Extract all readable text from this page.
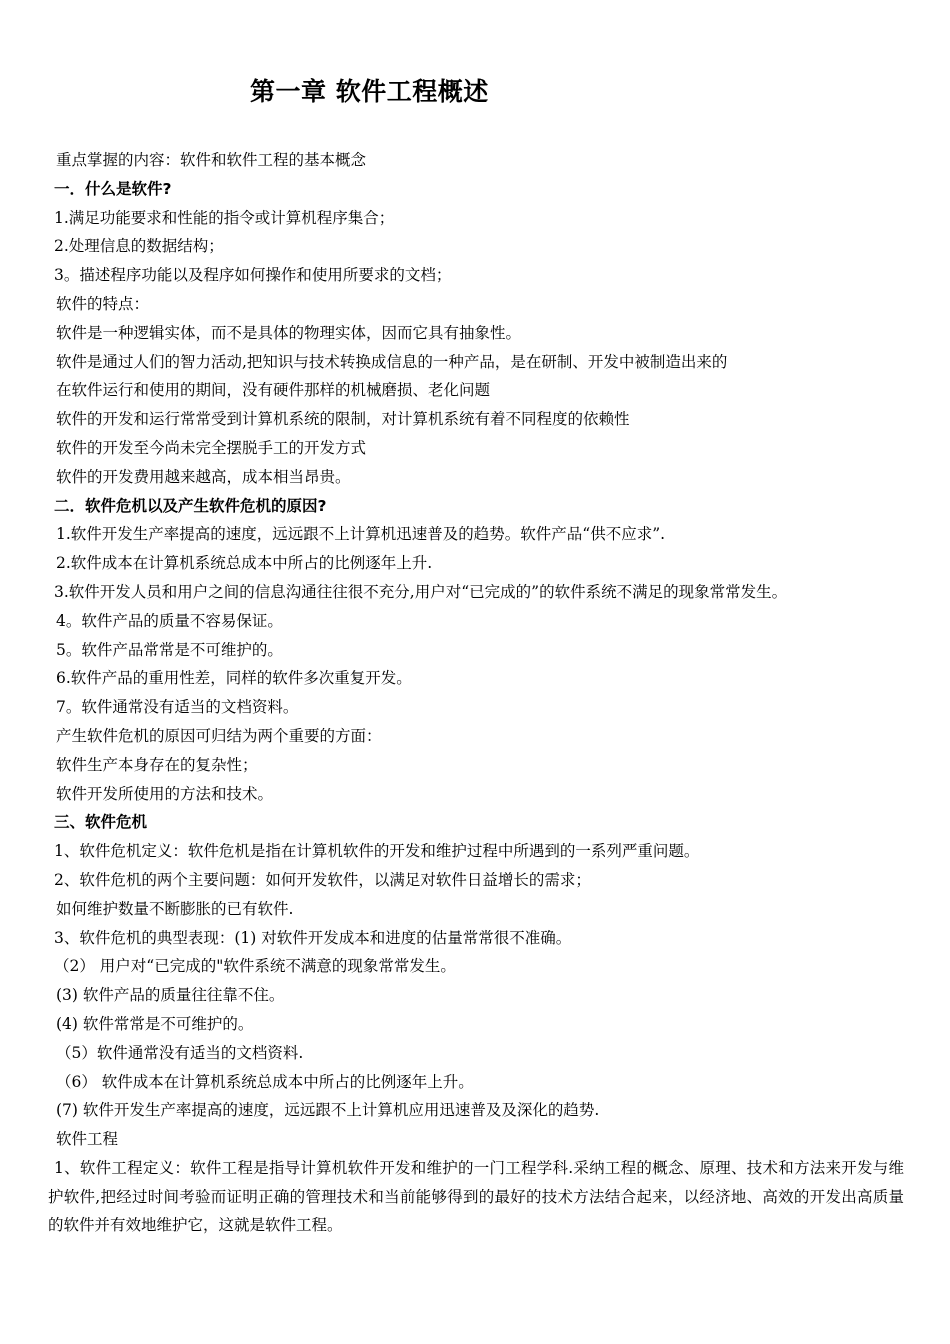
第一章 软件工程概述
重点掌握的内容：软件和软件工程的基本概念
一．什么是软件?
1.满足功能要求和性能的指令或计算机程序集合；
2.处理信息的数据结构；
3。描述程序功能以及程序如何操作和使用所要求的文档；
软件的特点：
软件是一种逻辑实体，而不是具体的物理实体，因而它具有抽象性。
软件是通过人们的智力活动,把知识与技术转换成信息的一种产品，是在研制、开发中被制造出来的
在软件运行和使用的期间，没有硬件那样的机械磨损、老化问题
软件的开发和运行常常受到计算机系统的限制，对计算机系统有着不同程度的依赖性
软件的开发至今尚未完全摆脱手工的开发方式
软件的开发费用越来越高，成本相当昂贵。
二．软件危机以及产生软件危机的原因?
1.软件开发生产率提高的速度，远远跟不上计算机迅速普及的趋势。软件产品“供不应求”.
2.软件成本在计算机系统总成本中所占的比例逐年上升.
3.软件开发人员和用户之间的信息沟通往往很不充分,用户对“已完成的”的软件系统不满足的现象常常发生。
4。软件产品的质量不容易保证。
5。软件产品常常是不可维护的。
6.软件产品的重用性差，同样的软件多次重复开发。
7。软件通常没有适当的文档资料。
产生软件危机的原因可归结为两个重要的方面：
软件生产本身存在的复杂性；
软件开发所使用的方法和技术。
三、软件危机
1、软件危机定义：软件危机是指在计算机软件的开发和维护过程中所遇到的一系列严重问题。
2、软件危机的两个主要问题：如何开发软件，以满足对软件日益增长的需求；
如何维护数量不断膨胀的已有软件.
3、软件危机的典型表现：(1) 对软件开发成本和进度的估量常常很不准确。
（2） 用户对“已完成的"软件系统不满意的现象常常发生。
(3) 软件产品的质量往往靠不住。
(4) 软件常常是不可维护的。
（5）软件通常没有适当的文档资料.
（6） 软件成本在计算机系统总成本中所占的比例逐年上升。
(7) 软件开发生产率提高的速度，远远跟不上计算机应用迅速普及及深化的趋势.
软件工程
1、软件工程定义：软件工程是指导计算机软件开发和维护的一门工程学科.采纳工程的概念、原理、技术和方法来开发与维护软件,把经过时间考验而证明正确的管理技术和当前能够得到的最好的技术方法结合起来，以经济地、高效的开发出高质量的软件并有效地维护它，这就是软件工程。
